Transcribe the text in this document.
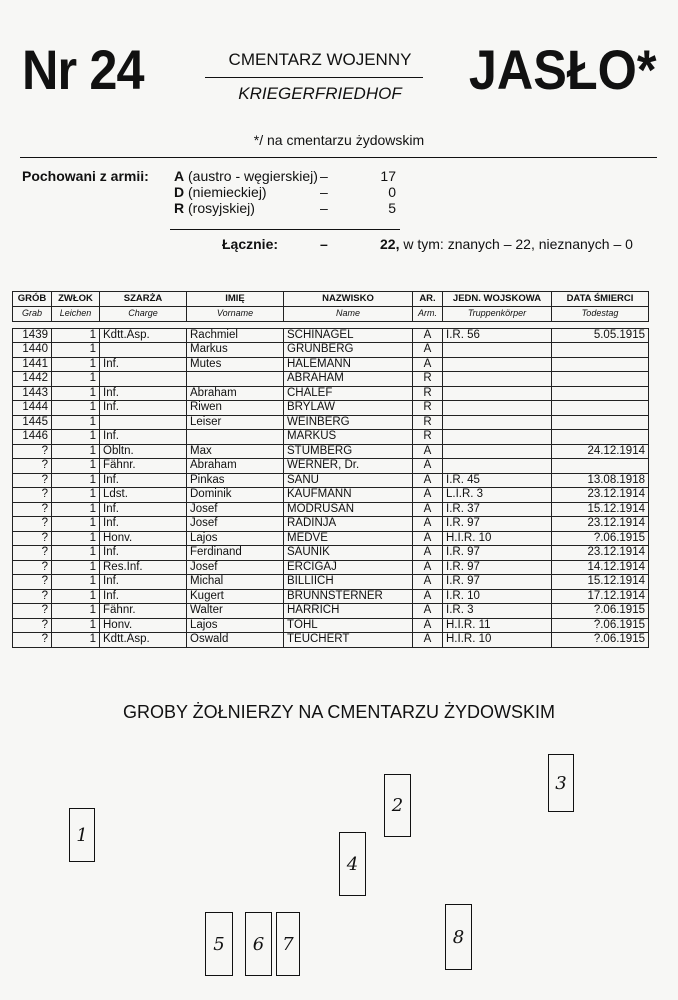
Nr 24	CMENTARZ WOJENNY
KRIEGERFRIEDHOF	JASŁO*
*/ na cmentarzu żydowskim
Pochowani z armii: A (austro - węgierskiej) –	17
D (niemieckiej)	–	0
R (rosyjskiej)	–	5
Łącznie:	–	22, w tym: znanych – 22, nieznanych – 0
GRÓB	ZWŁOK	SZARŻA	IMIĘ	NAZWISKO	AR.	JEDN. WOJSKOWA	DATA ŚMIERCI
Grab	Leichen	Charge	Vorname	Name	Arm.	Truppenkörper	Todestag

1439	1	Kdtt.Asp.	Rachmiel	SCHINAGEL	A	I.R. 56	5.05.1915
1440	1		Markus	GRÜNBERG	A		
1441	1	Inf.	Mutes	HALEMANN	A		
1442	1			ABRAHAM	R		
1443	1	Inf.	Abraham	CHALEF	R		
1444	1	Inf.	Riwen	BRYLAW	R		
1445	1		Leiser	WEINBERG	R		
1446	1	Inf.		MARKUS	R		
?	1	Obltn.	Max	STÜMBERG	A		24.12.1914
?	1	Fähnr.	Abraham	WERNER, Dr.	A		
?	1	Inf.	Pinkas	SANU	A	I.R. 45	13.08.1918
?	1	Ldst.	Dominik	KAUFMANN	A	L.I.R. 3	23.12.1914
?	1	Inf.	Josef	MODRUSAN	A	I.R. 37	15.12.1914
?	1	Inf.	Josef	RADINJA	A	I.R. 97	23.12.1914
?	1	Honv.	Lajos	MEDVE	A	H.I.R. 10	?.06.1915
?	1	Inf.	Ferdinand	SAUNIK	A	I.R. 97	23.12.1914
?	1	Res.Inf.	Josef	ERCIGAJ	A	I.R. 97	14.12.1914
?	1	Inf.	Michal	BILLIICH	A	I.R. 97	15.12.1914
?	1	Inf.	Kugert	BRUNNSTERNER	A	I.R. 10	17.12.1914
?	1	Fähnr.	Walter	HARRICH	A	I.R. 3	?.06.1915
?	1	Honv.	Lajos	TÖHL	A	H.I.R. 11	?.06.1915
?	1	Kdtt.Asp.	Oswald	TEUCHERT	A	H.I.R. 10	?.06.1915
GROBY ŻOŁNIERZY NA CMENTARZU ŻYDOWSKIM
1
2
3
4
5	6	7	8
